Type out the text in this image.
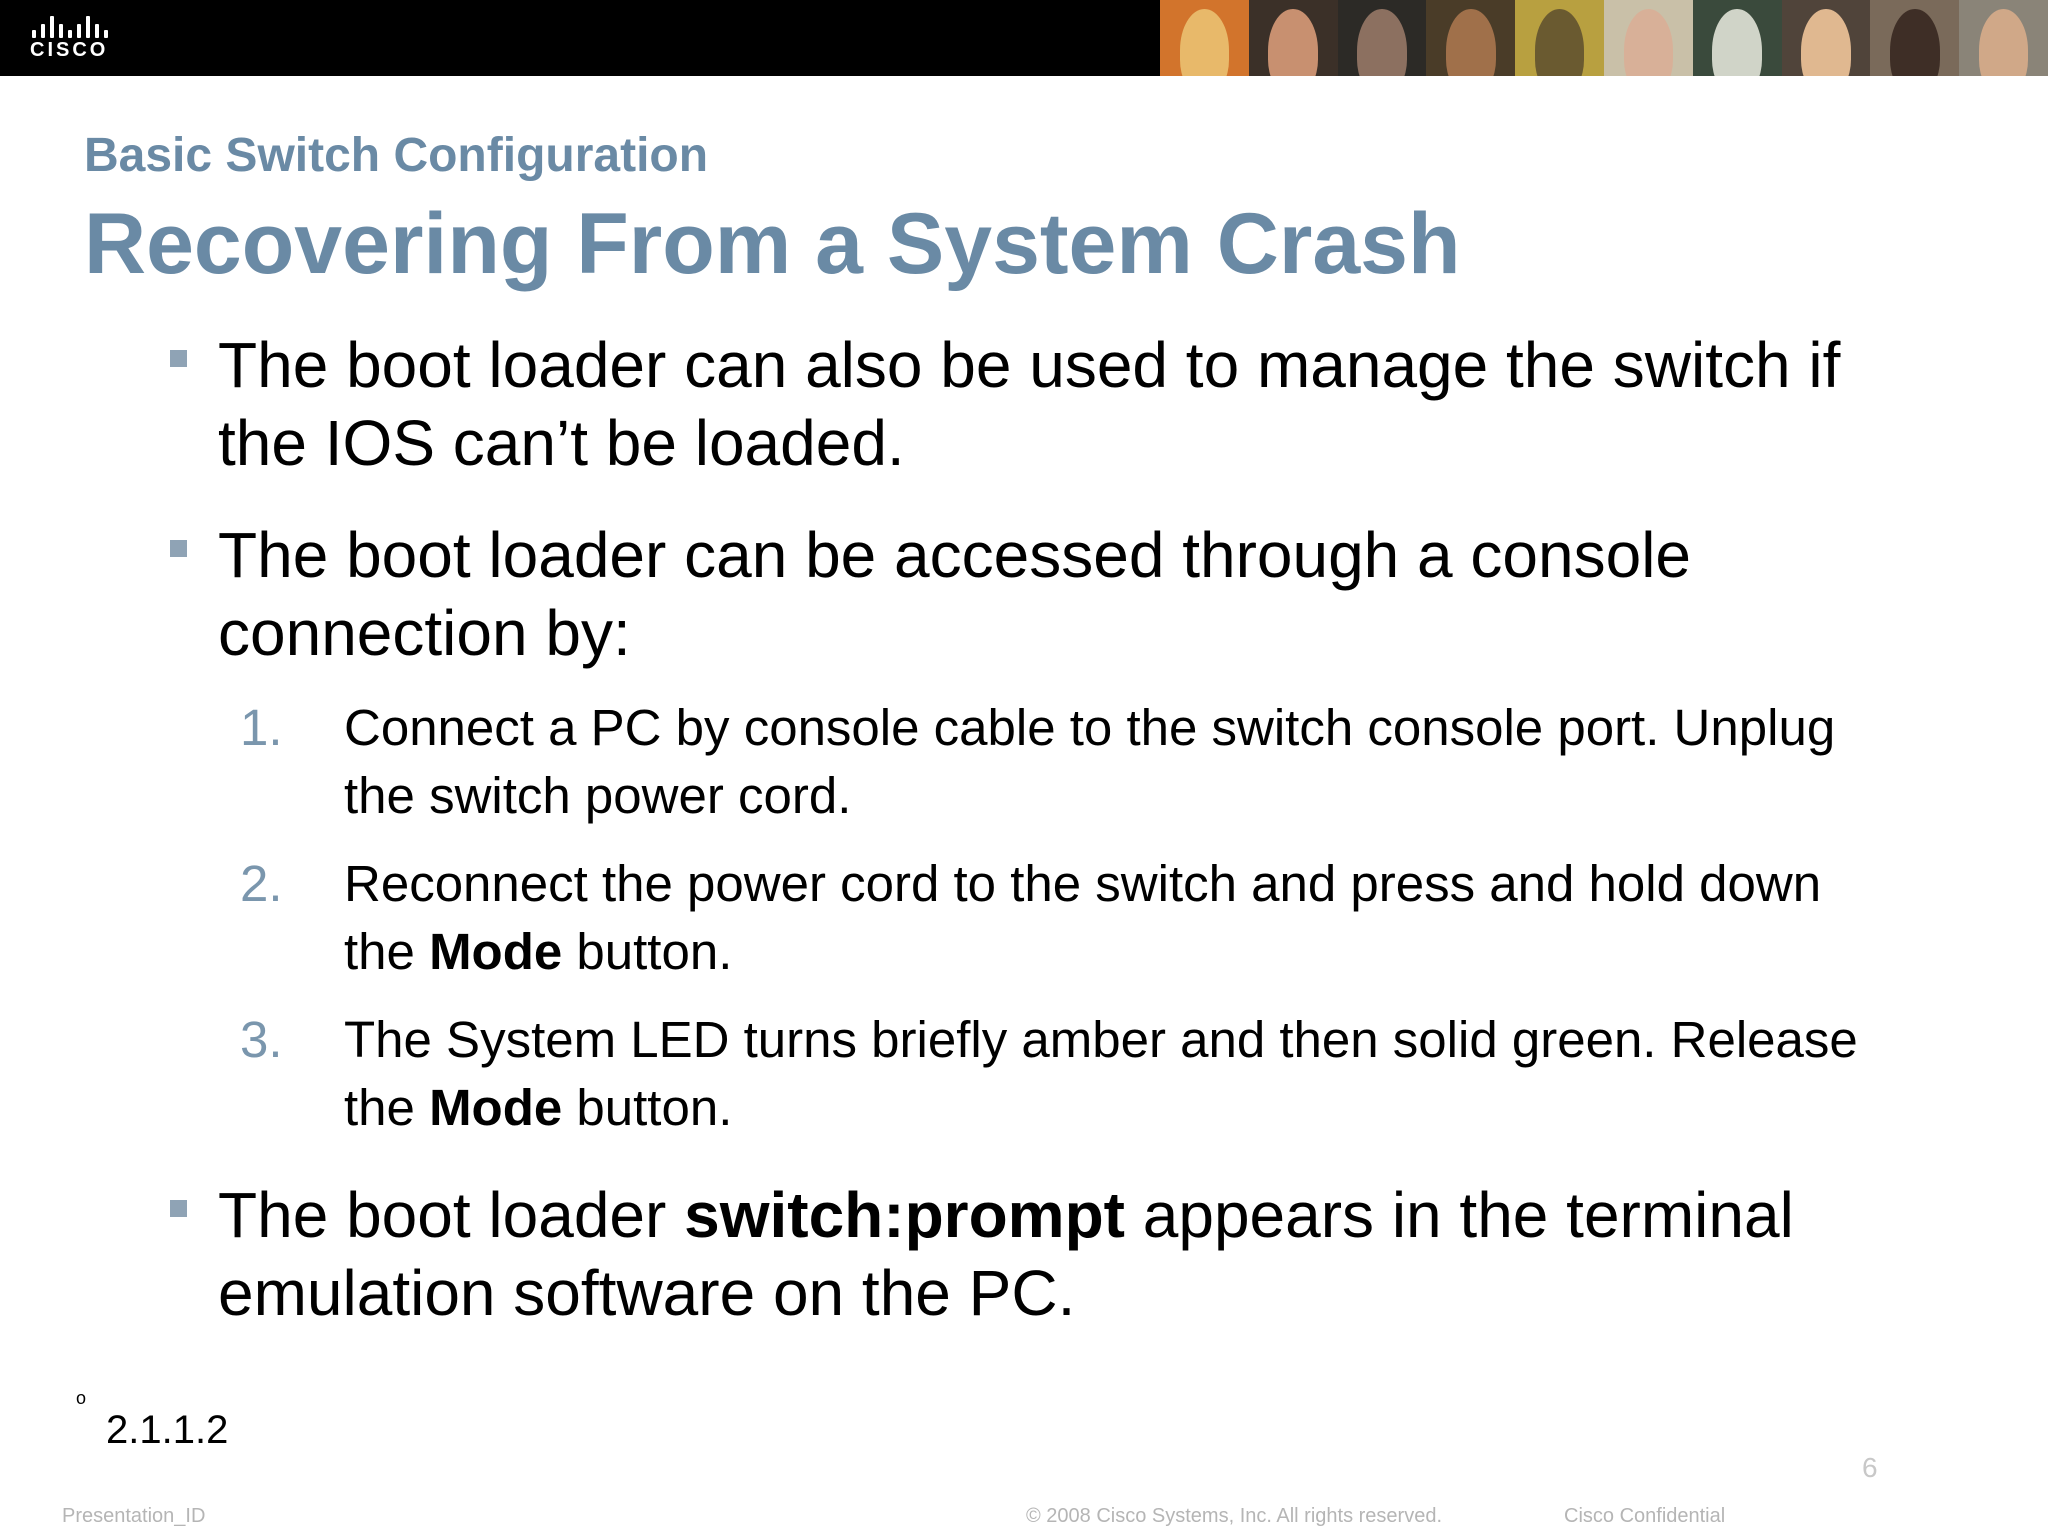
CISCO
Basic Switch Configuration
Recovering From a System Crash
The boot loader can also be used to manage the switch if the IOS can’t be loaded.
The boot loader can be accessed through a console connection by:
1. Connect a PC by console cable to the switch console port. Unplug the switch power cord.
2. Reconnect the power cord to the switch and press and hold down the Mode button.
3. The System LED turns briefly amber and then solid green. Release the Mode button.
The boot loader switch:prompt appears in the terminal emulation software on the PC.
o
2.1.1.2
6
Presentation_ID	© 2008 Cisco Systems, Inc. All rights reserved.	Cisco Confidential
